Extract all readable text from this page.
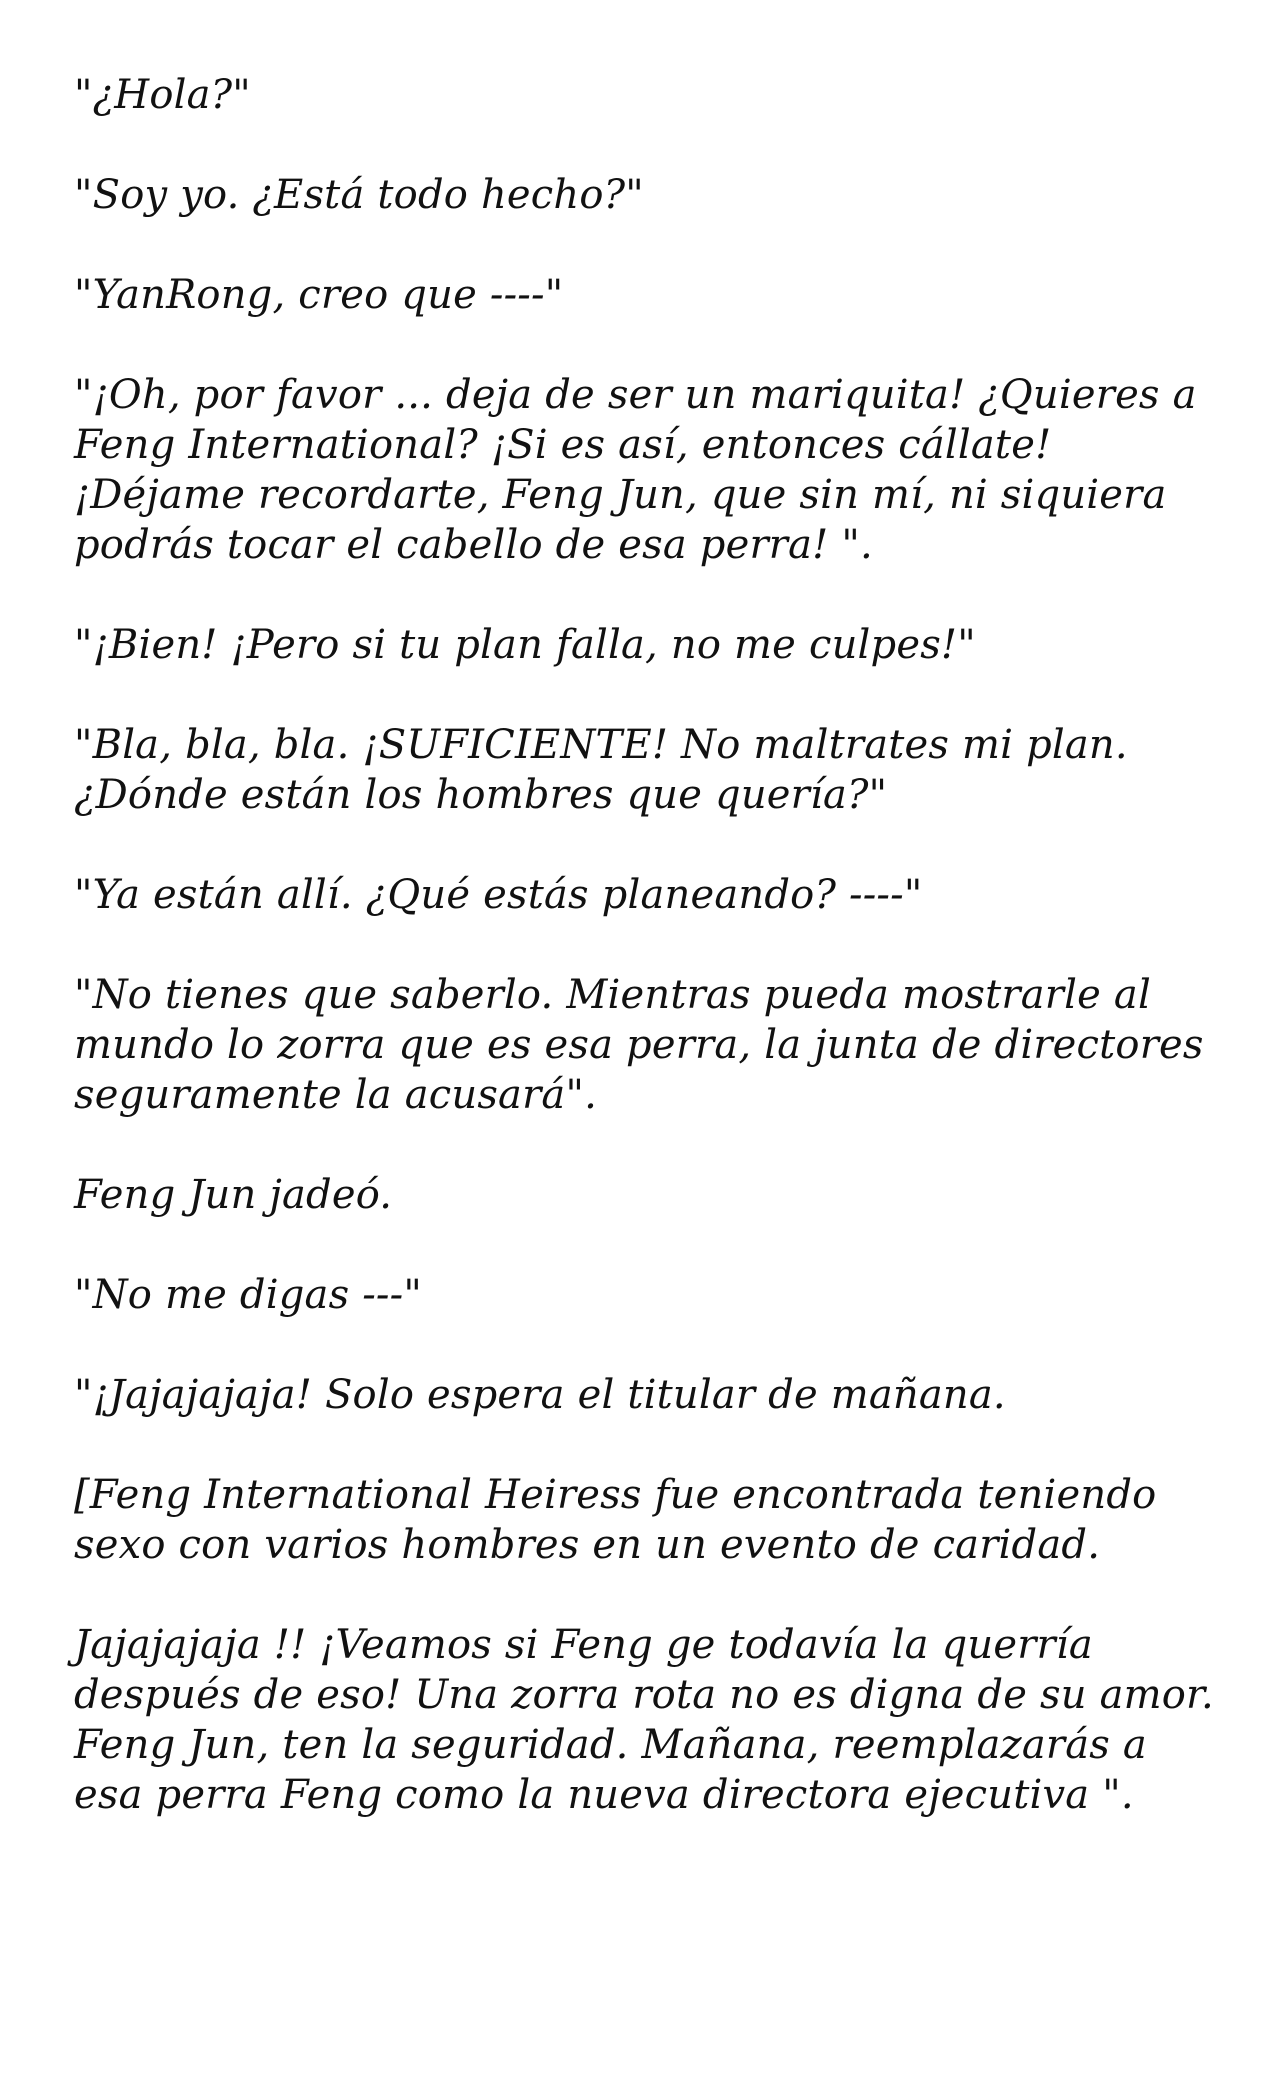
"¿Hola?"

"Soy yo. ¿Está todo hecho?"

"YanRong, creo que ----"

"¡Oh, por favor ... deja de ser un mariquita! ¿Quieres a Feng International? ¡Si es así, entonces cállate! ¡Déjame recordarte, Feng Jun, que sin mí, ni siquiera podrás tocar el cabello de esa perra! ".

"¡Bien! ¡Pero si tu plan falla, no me culpes!"

"Bla, bla, bla. ¡SUFICIENTE! No maltrates mi plan. ¿Dónde están los hombres que quería?"

"Ya están allí. ¿Qué estás planeando? ----"

"No tienes que saberlo. Mientras pueda mostrarle al mundo lo zorra que es esa perra, la junta de directores seguramente la acusará".

Feng Jun jadeó.

"No me digas ---"

"¡Jajajajaja! Solo espera el titular de mañana.

[Feng International Heiress fue encontrada teniendo sexo con varios hombres en un evento de caridad.

Jajajajaja !! ¡Veamos si Feng ge todavía la querría después de eso! Una zorra rota no es digna de su amor. Feng Jun, ten la seguridad. Mañana, reemplazarás a esa perra Feng como la nueva directora ejecutiva ".
